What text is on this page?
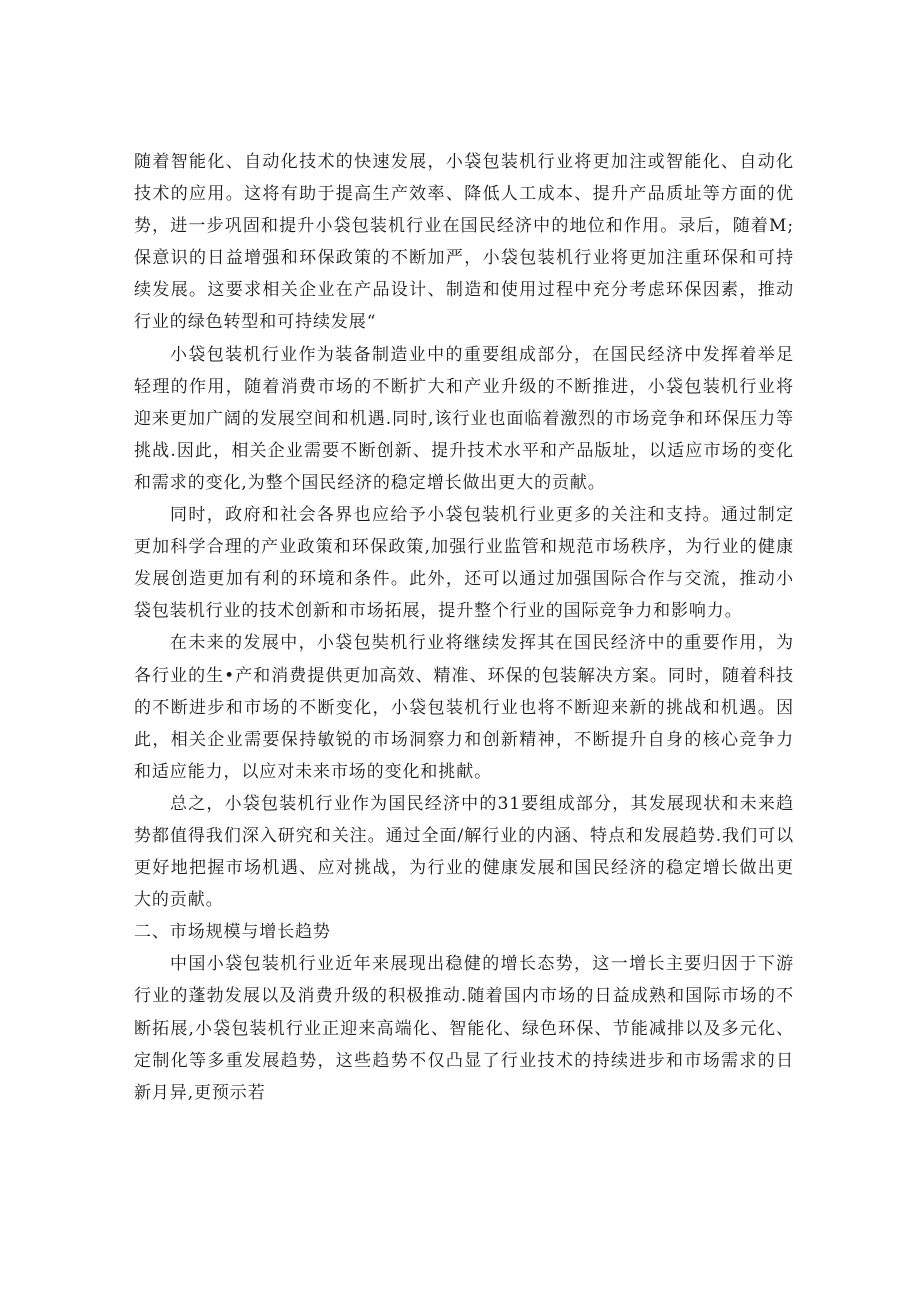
随着智能化、自动化技术的快速发展，小袋包装机行业将更加注或智能化、自动化技术的应用。这将有助于提高生产效率、降低人工成本、提升产品质址等方面的优势，进一步巩固和提升小袋包装机行业在国民经济中的地位和作用。录后，随着M;保意识的日益增强和环保政策的不断加严，小袋包装机行业将更加注重环保和可持续发展。这要求相关企业在产品设计、制造和使用过程中充分考虑环保因素，推动行业的绿色转型和可持续发展“

小袋包装机行业作为装备制造业中的重要组成部分，在国民经济中发挥着举足轻理的作用，随着消费市场的不断扩大和产业升级的不断推进，小袋包装机行业将迎来更加广阔的发展空间和机遇.同时,该行业也面临着激烈的市场竞争和环保压力等挑战.因此，相关企业需要不断创新、提升技术水平和产品版址，以适应市场的变化和需求的变化,为整个国民经济的稳定增长做出更大的贡献。

同时，政府和社会各界也应给予小袋包装机行业更多的关注和支持。通过制定更加科学合理的产业政策和环保政策,加强行业监管和规范市场秩序，为行业的健康发展创造更加有利的环境和条件。此外，还可以通过加强国际合作与交流，推动小袋包装机行业的技术创新和市场拓展，提升整个行业的国际竞争力和影响力。

在未来的发展中，小袋包奘机行业将继续发挥其在国民经济中的重要作用，为各行业的生•产和消费提供更加高效、精准、环保的包装解决方案。同时，随着科技的不断进步和市场的不断变化，小袋包装机行业也将不断迎来新的挑战和机遇。因此，相关企业需要保持敏锐的市场洞察力和创新精神，不断提升自身的核心竞争力和适应能力，以应对未来市场的变化和挑献。

总之，小袋包装机行业作为国民经济中的31要组成部分，其发展现状和未来趋势都值得我们深入研究和关注。通过全面/解行业的内涵、特点和发展趋势.我们可以更好地把握市场机遇、应对挑战，为行业的健康发展和国民经济的稳定增长做出更大的贡献。

二、市场规模与增长趋势

中国小袋包装机行业近年来展现出稳健的增长态势，这一增长主要归因于下游行业的蓬勃发展以及消费升级的积极推动.随着国内市场的日益成熟和国际市场的不断拓展,小袋包装机行业正迎来高端化、智能化、绿色环保、节能减排以及多元化、定制化等多重发展趋势，这些趋势不仅凸显了行业技术的持续进步和市场需求的日新月异,更预示若
